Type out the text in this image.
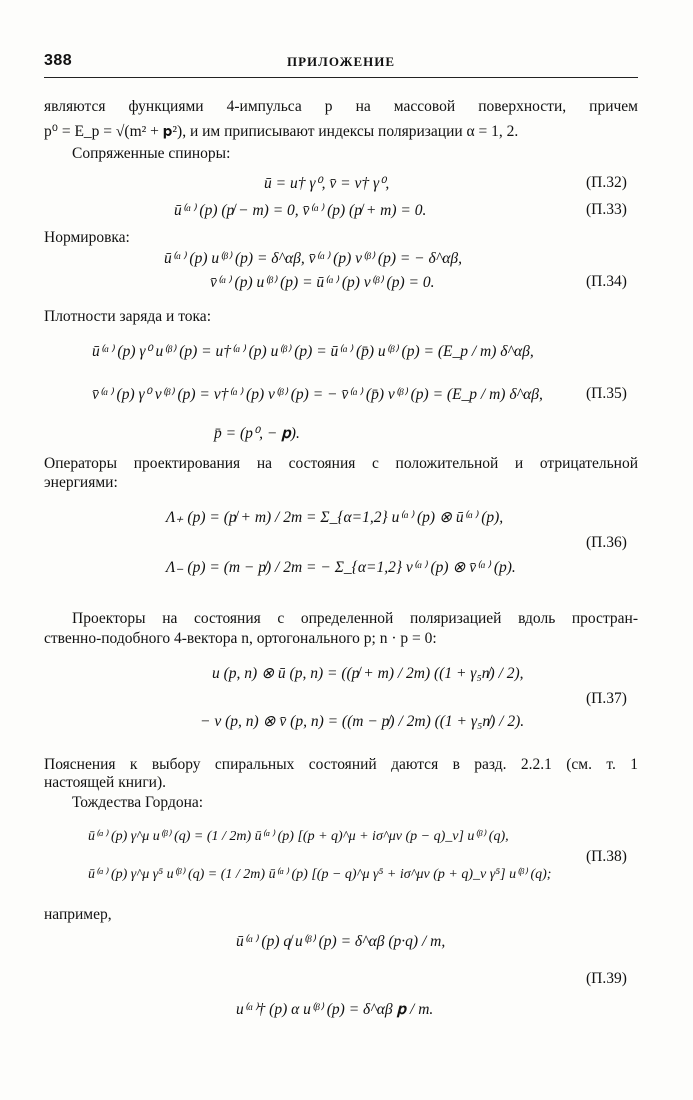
388	ПРИЛОЖЕНИЕ
являются функциями 4-импульса p на массовой поверхности, причем
p⁰ = E_p = √(m² + 𝐩²), и им приписывают индексы поляризации α = 1, 2.
Сопряженные спиноры:
ū = u† γ⁰, v̄ = v† γ⁰,	(П.32)
ū⁽ᵅ⁾ (p) (p̸ − m) = 0, v̄⁽ᵅ⁾ (p) (p̸ + m) = 0.	(П.33)
Нормировка:
ū⁽ᵅ⁾ (p) u⁽ᵝ⁾ (p) = δ^αβ, v̄⁽ᵅ⁾ (p) v⁽ᵝ⁾ (p) = − δ^αβ,
v̄⁽ᵅ⁾ (p) u⁽ᵝ⁾ (p) = ū⁽ᵅ⁾ (p) v⁽ᵝ⁾ (p) = 0.	(П.34)
Плотности заряда и тока:
ū⁽ᵅ⁾ (p) γ⁰ u⁽ᵝ⁾ (p) = u†⁽ᵅ⁾ (p) u⁽ᵝ⁾ (p) = ū⁽ᵅ⁾ (p̄) u⁽ᵝ⁾ (p) = (E_p / m) δ^αβ,
v̄⁽ᵅ⁾ (p) γ⁰ v⁽ᵝ⁾ (p) = v†⁽ᵅ⁾ (p) v⁽ᵝ⁾ (p) = − v̄⁽ᵅ⁾ (p̄) v⁽ᵝ⁾ (p) = (E_p / m) δ^αβ,	(П.35)
p̄ = (p⁰, − 𝐩).
Операторы проектирования на состояния с положительной и отрицательной
энергиями:
Λ₊ (p) = (p̸ + m) / 2m = Σ_{α=1,2} u⁽ᵅ⁾ (p) ⊗ ū⁽ᵅ⁾ (p),
(П.36)
Λ₋ (p) = (m − p̸) / 2m = − Σ_{α=1,2} v⁽ᵅ⁾ (p) ⊗ v̄⁽ᵅ⁾ (p).
Проекторы на состояния с определенной поляризацией вдоль простран-
ственно-подобного 4-вектора n, ортогонального p; n · p = 0:
u (p, n) ⊗ ū (p, n) = ((p̸ + m) / 2m) ((1 + γ₅n̸) / 2),
(П.37)
− v (p, n) ⊗ v̄ (p, n) = ((m − p̸) / 2m) ((1 + γ₅n̸) / 2).
Пояснения к выбору спиральных состояний даются в разд. 2.2.1 (см. т. 1
настоящей книги).
Тождества Гордона:
ū⁽ᵅ⁾ (p) γ^μ u⁽ᵝ⁾ (q) = (1 / 2m) ū⁽ᵅ⁾ (p) [(p + q)^μ + iσ^μν (p − q)_ν] u⁽ᵝ⁾ (q),
(П.38)
ū⁽ᵅ⁾ (p) γ^μ γ⁵ u⁽ᵝ⁾ (q) = (1 / 2m) ū⁽ᵅ⁾ (p) [(p − q)^μ γ⁵ + iσ^μν (p + q)_ν γ⁵] u⁽ᵝ⁾ (q);
например,
ū⁽ᵅ⁾ (p) q̸ u⁽ᵝ⁾ (p) = δ^αβ (p·q) / m,
(П.39)
u⁽ᵅ⁾† (p) α u⁽ᵝ⁾ (p) = δ^αβ 𝐩 / m.
